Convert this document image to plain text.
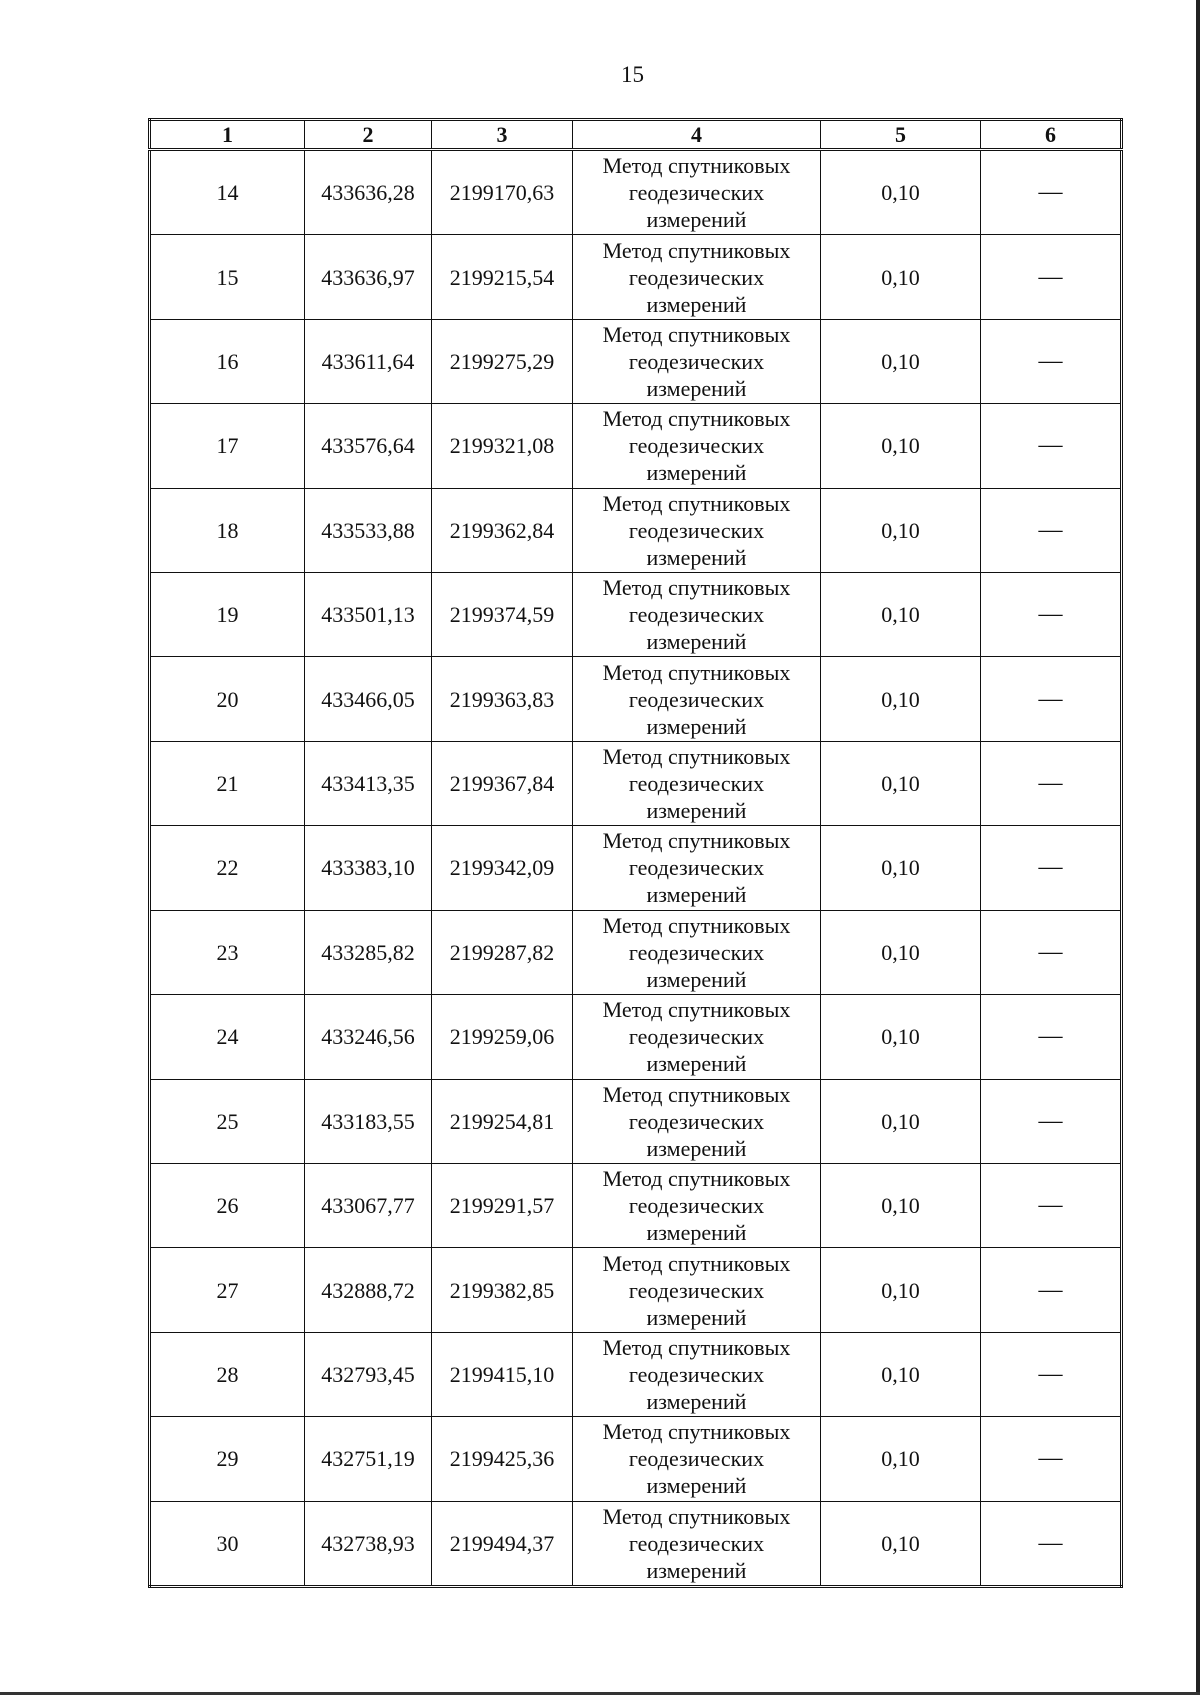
15
1	2	3	4	5	6
14	433636,28	2199170,63	Метод спутниковых
геодезических
измерений	0,10	—
15	433636,97	2199215,54	Метод спутниковых
геодезических
измерений	0,10	—
16	433611,64	2199275,29	Метод спутниковых
геодезических
измерений	0,10	—
17	433576,64	2199321,08	Метод спутниковых
геодезических
измерений	0,10	—
18	433533,88	2199362,84	Метод спутниковых
геодезических
измерений	0,10	—
19	433501,13	2199374,59	Метод спутниковых
геодезических
измерений	0,10	—
20	433466,05	2199363,83	Метод спутниковых
геодезических
измерений	0,10	—
21	433413,35	2199367,84	Метод спутниковых
геодезических
измерений	0,10	—
22	433383,10	2199342,09	Метод спутниковых
геодезических
измерений	0,10	—
23	433285,82	2199287,82	Метод спутниковых
геодезических
измерений	0,10	—
24	433246,56	2199259,06	Метод спутниковых
геодезических
измерений	0,10	—
25	433183,55	2199254,81	Метод спутниковых
геодезических
измерений	0,10	—
26	433067,77	2199291,57	Метод спутниковых
геодезических
измерений	0,10	—
27	432888,72	2199382,85	Метод спутниковых
геодезических
измерений	0,10	—
28	432793,45	2199415,10	Метод спутниковых
геодезических
измерений	0,10	—
29	432751,19	2199425,36	Метод спутниковых
геодезических
измерений	0,10	—
30	432738,93	2199494,37	Метод спутниковых
геодезических
измерений	0,10	—
